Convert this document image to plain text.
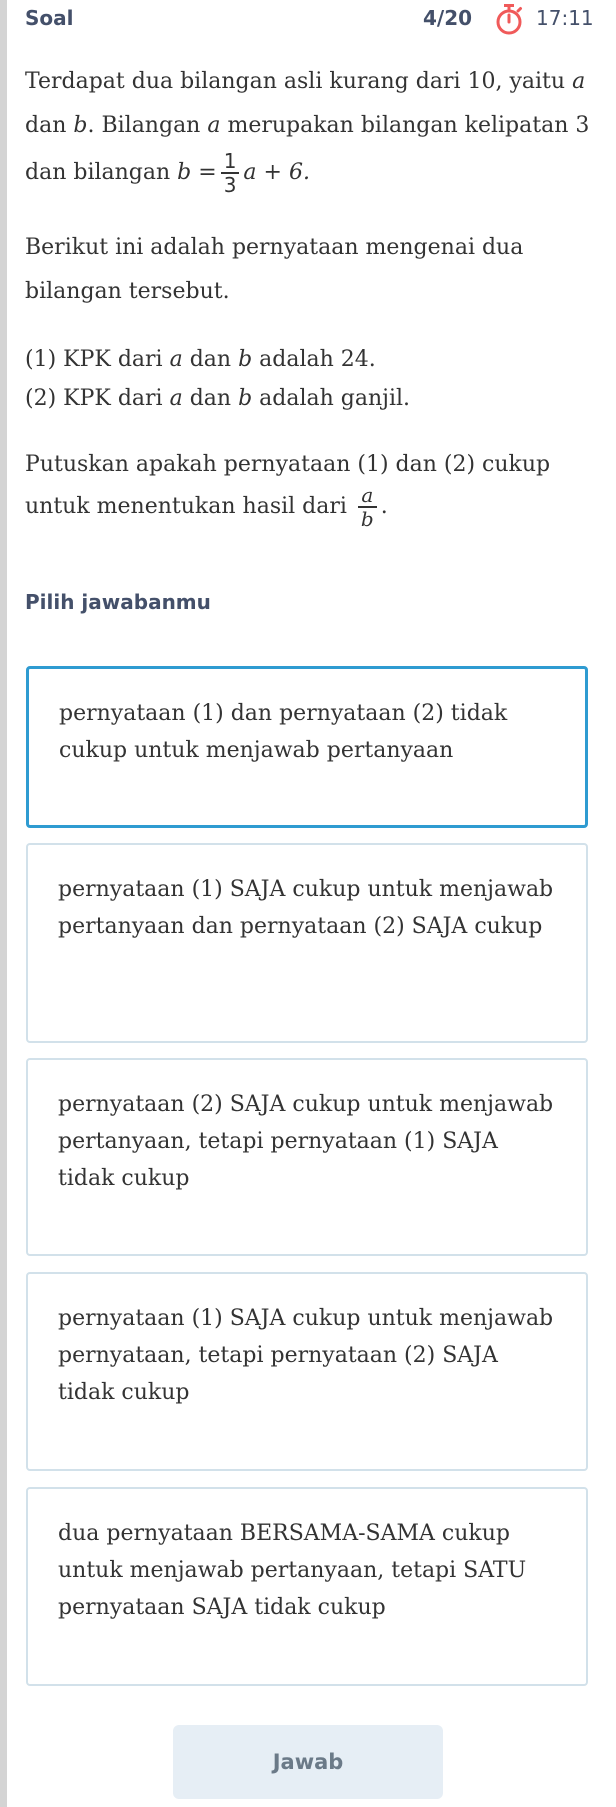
Soal	4/20	17:11
Terdapat dua bilangan asli kurang dari 10, yaitu a
dan b. Bilangan a merupakan bilangan kelipatan 3
dan bilangan $b = \frac{1}{3}$ a + 6.
Berikut ini adalah pernyataan mengenai dua
bilangan tersebut.
(1) KPK dari a dan b adalah 24.
(2) KPK dari a dan b adalah ganjil.
Putuskan apakah pernyataan (1) dan (2) cukup
untuk menentukan hasil dari $\frac{a}{b}$ .
Pilih jawabanmu
pernyataan (1) dan pernyataan (2) tidak cukup untuk menjawab pertanyaan
pernyataan (1) SAJA cukup untuk menjawab pertanyaan dan pernyataan (2) SAJA cukup
pernyataan (2) SAJA cukup untuk menjawab pertanyaan, tetapi pernyataan (1) SAJA tidak cukup
pernyataan (1) SAJA cukup untuk menjawab pernyataan, tetapi pernyataan (2) SAJA tidak cukup
dua pernyataan BERSAMA-SAMA cukup untuk menjawab pertanyaan, tetapi SATU pernyataan SAJA tidak cukup
Jawab
